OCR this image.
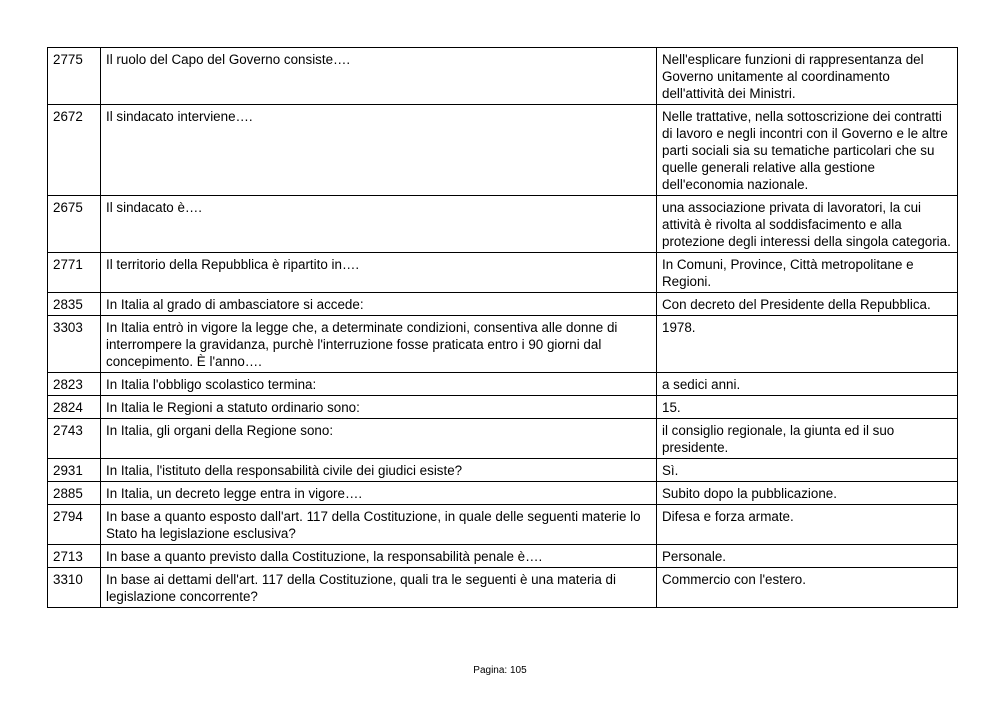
2775	Il ruolo del Capo del Governo consiste….	Nell'esplicare funzioni di rappresentanza del Governo unitamente al coordinamento dell'attività dei Ministri.
2672	Il sindacato interviene….	Nelle trattative, nella sottoscrizione dei contratti di lavoro e negli incontri con il Governo e le altre parti sociali sia su tematiche particolari che su quelle generali relative alla gestione dell'economia nazionale.
2675	Il sindacato è….	una associazione privata di lavoratori, la cui attività è rivolta al soddisfacimento e alla protezione degli interessi della singola categoria.
2771	Il territorio della Repubblica è ripartito in….	In Comuni, Province, Città metropolitane e Regioni.
2835	In Italia al grado di ambasciatore si accede:	Con decreto del Presidente della Repubblica.
3303	In Italia entrò in vigore la legge che, a determinate condizioni, consentiva alle donne di interrompere la gravidanza, purchè l'interruzione fosse praticata entro i 90 giorni dal concepimento. È l'anno….	1978.
2823	In Italia l'obbligo scolastico termina:	a sedici anni.
2824	In Italia le Regioni a statuto ordinario sono:	15.
2743	In Italia, gli organi della Regione sono:	il consiglio regionale, la giunta ed il suo presidente.
2931	In Italia, l'istituto della responsabilità civile dei giudici esiste?	Sì.
2885	In Italia, un decreto legge entra in vigore….	Subito dopo la pubblicazione.
2794	In base a quanto esposto dall'art. 117 della Costituzione, in quale delle seguenti materie lo Stato ha legislazione esclusiva?	Difesa e forza armate.
2713	In base a quanto previsto dalla Costituzione, la responsabilità penale è….	Personale.
3310	In base ai dettami dell'art. 117 della Costituzione, quali tra le seguenti è una materia di legislazione concorrente?	Commercio con l'estero.
Pagina: 105
